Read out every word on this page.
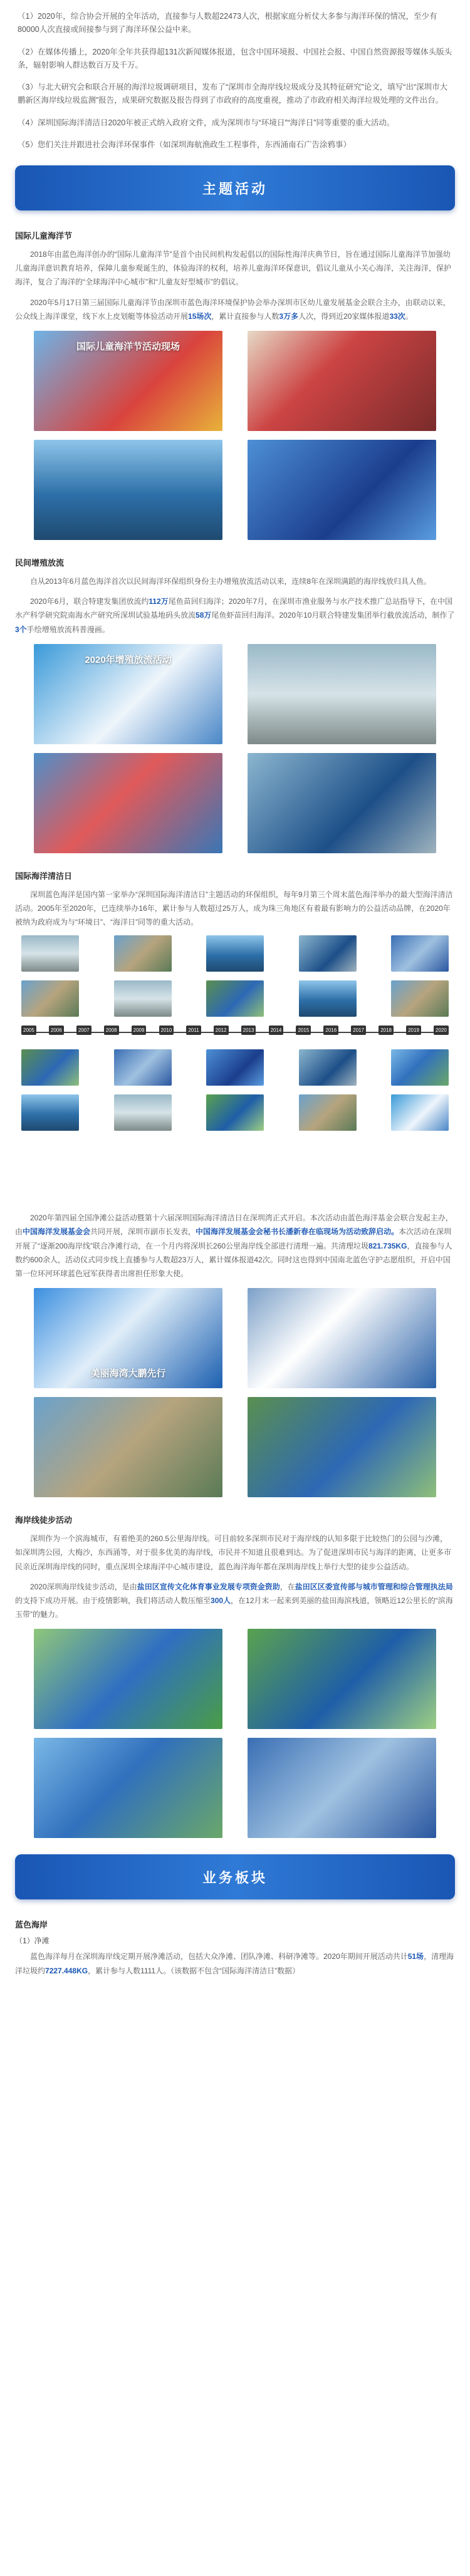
（1）2020年，综合协会开展的全年活动，直接参与人数超22473人次，根据家庭分析仗大多参与海洋环保的情况，至少有80000人次直接或间接参与到了海洋环保公益中来。

（2）在媒体传播上，2020年全年共获得超131次新闻媒体报道，包含中国环境报、中国社会报、中国自然资源报等媒体头版头条，辐射影响人群达数百万及千万。

（3）与北大研究会和联合开展的海洋垃圾调研项目，发布了“深圳市全海岸线垃圾成分及其特征研究”论文，填写“出“深圳市大鹏新区海岸线垃圾监测”报告，成果研究数据及报告得到了市政府的高度重视，推动了市政府相关海洋垃圾处理的文件出台。

（4）深圳国际海洋清洁日2020年被正式纳入政府文件，成为深圳市与“环境日”“海洋日”同等重要的重大活动。

（5）您们关注并跟进社会海洋环保事件（如深圳海航渔政生工程事件，东西涌南石广告涂鸦事）

主题活动
国际儿童海洋节

2018年由蓝色海洋创办的“国际儿童海洋节”是首个由民间机构发起倡以的国际性海洋庆典节日，旨在通过国际儿童海洋节加强幼儿童海洋意识教育培养，保障儿童参观诞生的，体验海洋的权利，培养儿童海洋环保意识，倡议儿童从小关心海洋，关注海洋，保护海洋，复合了海洋的“全球海洋中心城市”和“儿童友好型城市”的倡议。

2020年5月17日第三届国际儿童海洋节由深圳市蓝色海洋环境保护协会举办深圳市区幼儿童发展基金会联合主办，由联动以来，公众线上海洋课堂，线下水上皮划艇等体验活动开展15场次，累计直接参与人数3万多人次，得到近20家媒体报道33次。

国际儿童海洋节活动现场
民间增殖放流

自从2013年6月蓝色海洋首次以民间海洋环保组织身份主办增殖放流活动以来，连续8年在深圳满蹈的海岸线放归具人鱼。

2020年6月，联合特建发集团放流约112万尾鱼苗回归海洋；2020年7月，在深圳市渔业服务与水产技术推广总站指导下，在中国水产科学研究院南海水产研究所深圳试验基地码头放流58万尾鱼虾苗回归海洋。2020年10月联合特建发集团举行截放流活动，制作了3个手绘增殖放流科普漫画。

2020年增殖放流活动
国际海洋清洁日

深圳蓝色海洋是国内第一家举办“深圳国际海洋清洁日”主题活动的环保组织，每年9月第三个周末蓝色海洋举办的最大型海洋清洁活动。2005年至2020年，已连续举办16年，累计参与人数超过25万人，成为珠三角地区有着最有影响力的公益活动品牌，在2020年被纳为政府成为与“环境日”、“海洋日”同等的重大活动。

2005	2006	2007	2008	2009	2010	2011	2012	2013	2014	2015	2016	2017	2018	2019	2020

2020年第四届全国净滩公益活动暨第十六届深圳国际海洋清洁日在深圳湾正式开启。本次活动由蓝色海洋基金会联合发起主办，由中国海洋发展基金会共同开展，深圳市副市长发表，中国海洋发展基金会秘书长潘新春在临现场为活动致辞启动。本次活动在深圳开展了“逐渐200海岸线”联合净滩行动，在一个月内将深圳长260公里海岸线全部进行清理一遍。共清理垃圾821.735KG，直接参与人数约600余人，活动仪式同步线上直播参与人数超23万人，累计媒体报道42次。同时这也得到中国南北蓝色守护志愿组织，开启中国第一位环河环球蓝色冠军获得者出席担任形象大使。

美丽海湾大鹏先行
海岸线徒步活动

深圳作为一个滨海城市，有着绝美的260.5公里海岸线。可目前较多深圳市民对于海岸线的认知多限于比较热门的公园与沙滩，如深圳湾公园，大梅沙，东西涌等，对于很多优美的海岸线，市民并不知道且很难到达。为了促进深圳市民与海洋的距离，让更多市民亲近深圳海岸线的同时，重点深圳全球海洋中心城市建设，蓝色海洋海年都在深圳海岸线上举行大型的徒步公益活动。

2020深圳海岸线徒步活动，是由盐田区宣传文化体育事业发展专项资金资助，在盐田区区委宣传部与城市管理和综合管理执法局的支持下成功开展。由于疫情影响，我们将活动人数压缩至300人，在12月末一起来到美丽的盐田海滨栈道，领略近12公里长的“滨海玉带”的魅力。

业务板块
蓝色海岸
（1）净滩

蓝色海洋每月在深圳海岸线定期开展净滩活动，包括大众净滩、团队净滩、科研净滩等。2020年期间开展活动共计51场，清理海洋垃圾约7227.448KG，累计参与人数1111人。（该数据不包含“国际海洋清洁日”数据）
